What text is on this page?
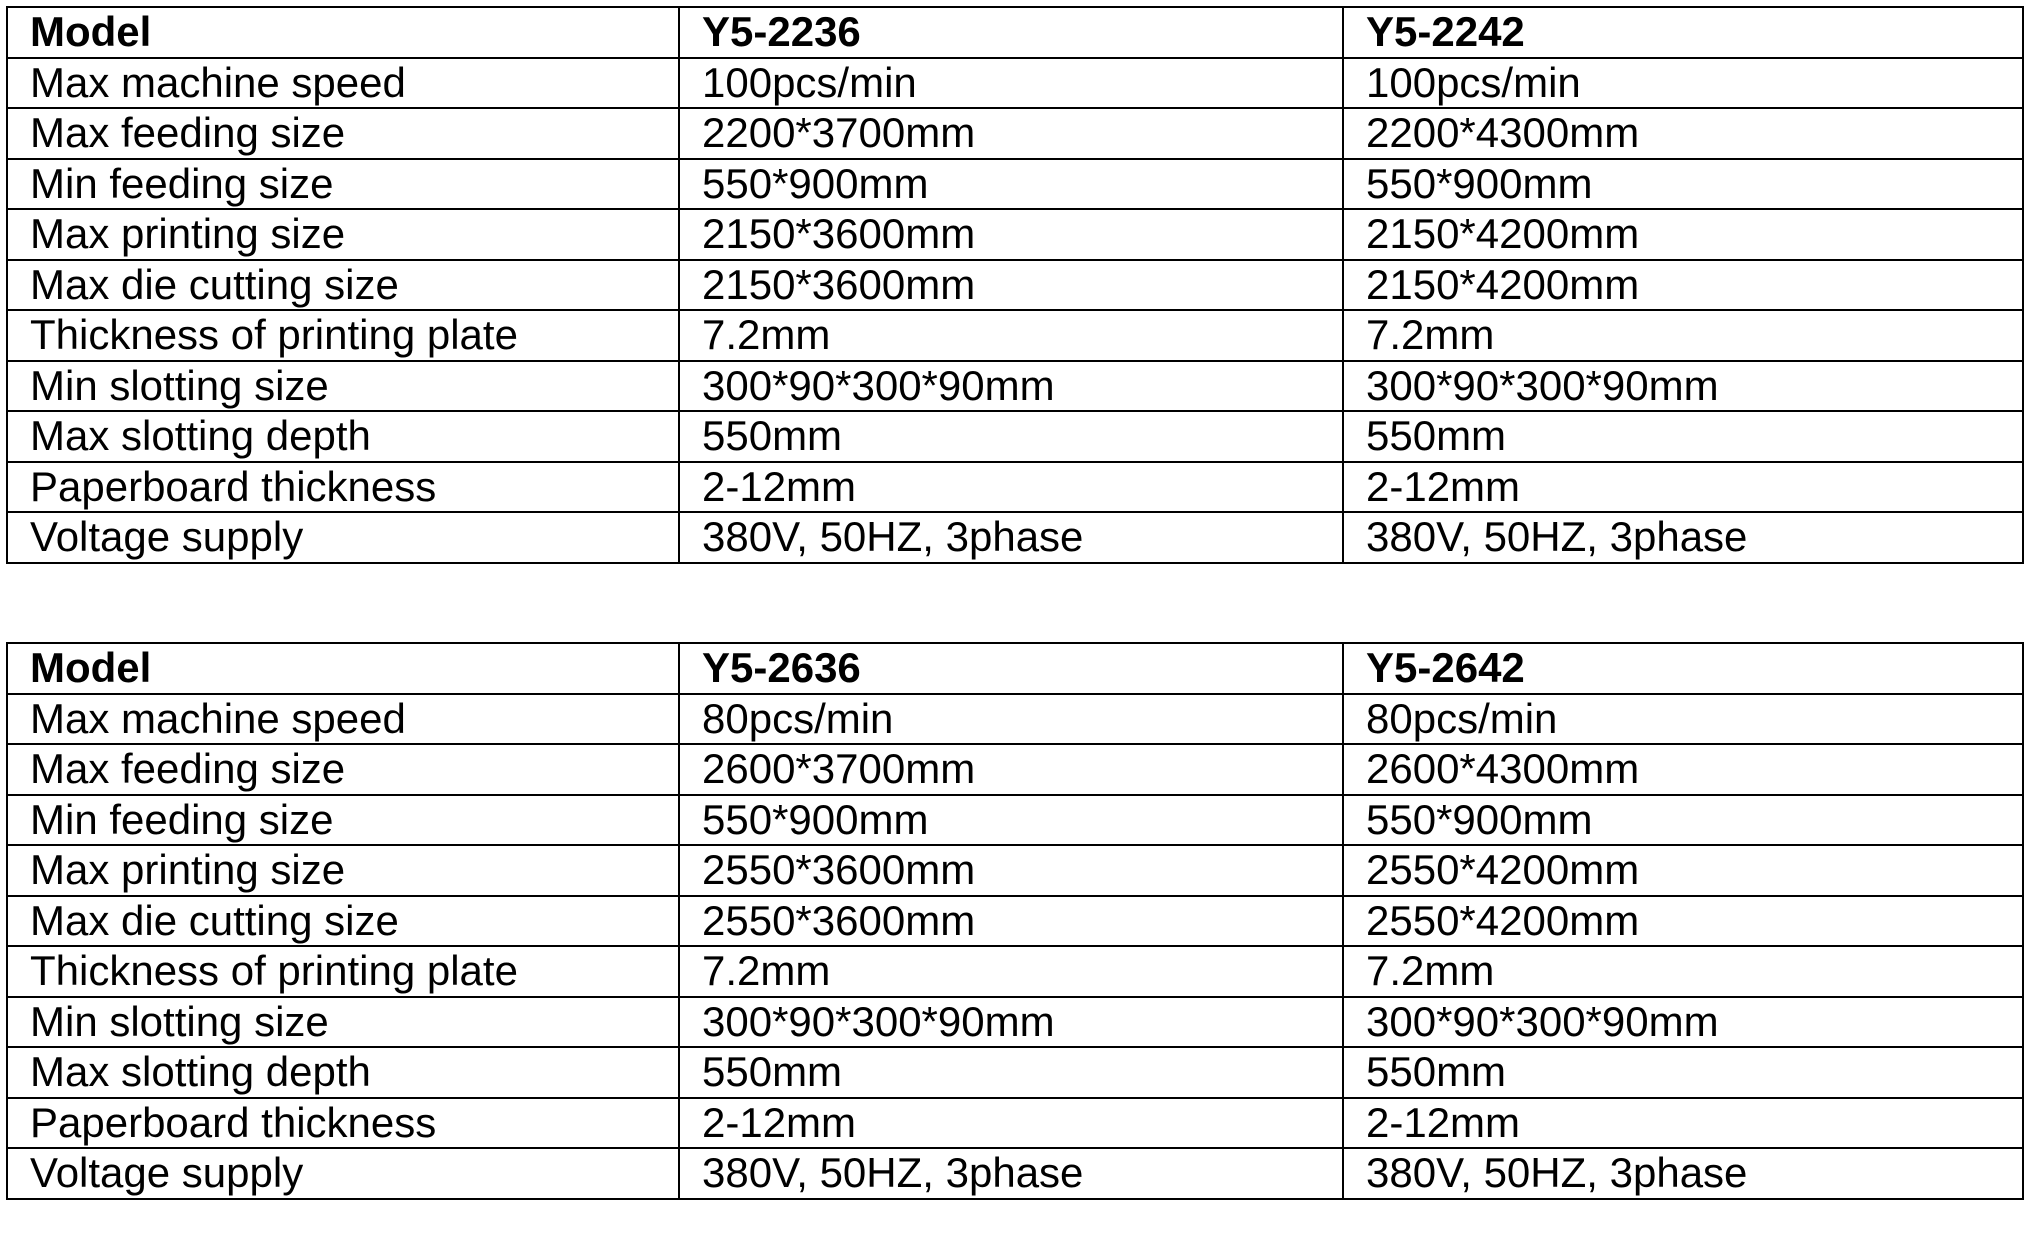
Model	Y5-2236	Y5-2242
Max machine speed	100pcs/min	100pcs/min
Max feeding size	2200*3700mm	2200*4300mm
Min feeding size	550*900mm	550*900mm
Max printing size	2150*3600mm	2150*4200mm
Max die cutting size	2150*3600mm	2150*4200mm
Thickness of printing plate	7.2mm	7.2mm
Min slotting size	300*90*300*90mm	300*90*300*90mm
Max slotting depth	550mm	550mm
Paperboard thickness	2-12mm	2-12mm
Voltage supply	380V, 50HZ, 3phase	380V, 50HZ, 3phase
Model	Y5-2636	Y5-2642
Max machine speed	80pcs/min	80pcs/min
Max feeding size	2600*3700mm	2600*4300mm
Min feeding size	550*900mm	550*900mm
Max printing size	2550*3600mm	2550*4200mm
Max die cutting size	2550*3600mm	2550*4200mm
Thickness of printing plate	7.2mm	7.2mm
Min slotting size	300*90*300*90mm	300*90*300*90mm
Max slotting depth	550mm	550mm
Paperboard thickness	2-12mm	2-12mm
Voltage supply	380V, 50HZ, 3phase	380V, 50HZ, 3phase
